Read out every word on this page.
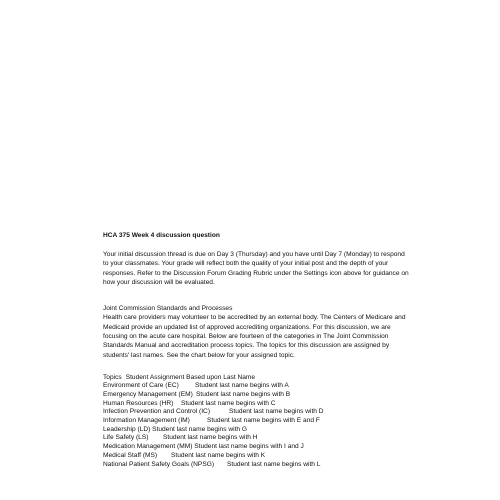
HCA 375 Week 4 discussion question
Your initial discussion thread is due on Day 3 (Thursday) and you have until Day 7 (Monday) to respond
to your classmates. Your grade will reflect both the quality of your initial post and the depth of your
responses. Refer to the Discussion Forum Grading Rubric under the Settings icon above for guidance on
how your discussion will be evaluated.
Joint Commission Standards and Processes
Health care providers may volunteer to be accredited by an external body. The Centers of Medicare and
Medicaid provide an updated list of approved accrediting organizations. For this discussion, we are
focusing on the acute care hospital. Below are fourteen of the categories in The Joint Commission
Standards Manual and accreditation process topics. The topics for this discussion are assigned by
students' last names. See the chart below for your assigned topic.
Topics Student Assignment Based upon Last Name
Environment of Care (EC) Student last name begins with A
Emergency Management (EM) Student last name begins with B
Human Resources (HR) Student last name begins with C
Infection Prevention and Control (IC)	Student last name begins with D
Information Management (IM)	Student last name begins with E and F
Leadership (LD) Student last name begins with G
Life Safety (LS) Student last name begins with H
Medication Management (MM) Student last name begins with I and J
Medical Staff (MS) Student last name begins with K
National Patient Safety Goals (NPSG) Student last name begins with L
